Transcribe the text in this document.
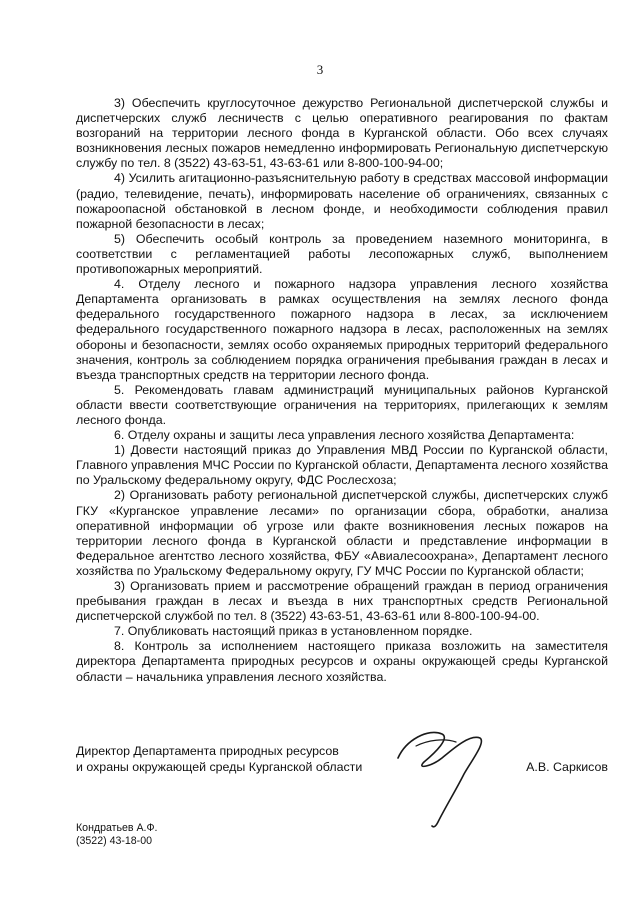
3

3) Обеспечить круглосуточное дежурство Региональной диспетчерской службы и диспетчерских служб лесничеств с целью оперативного реагирования по фактам возгораний на территории лесного фонда в Курганской области. Обо всех случаях возникновения лесных пожаров немедленно информировать Региональную диспетчерскую службу по тел. 8 (3522) 43-63-51, 43-63-61 или 8-800-100-94-00;

4) Усилить агитационно-разъяснительную работу в средствах массовой информации (радио, телевидение, печать), информировать население об ограничениях, связанных с пожароопасной обстановкой в лесном фонде, и необходимости соблюдения правил пожарной безопасности в лесах;

5) Обеспечить особый контроль за проведением наземного мониторинга, в соответствии с регламентацией работы лесопожарных служб, выполнением противопожарных мероприятий.

4. Отделу лесного и пожарного надзора управления лесного хозяйства Департамента организовать в рамках осуществления на землях лесного фонда федерального государственного пожарного надзора в лесах, за исключением федерального государственного пожарного надзора в лесах, расположенных на землях обороны и безопасности, землях особо охраняемых природных территорий федерального значения, контроль за соблюдением порядка ограничения пребывания граждан в лесах и въезда транспортных средств на территории лесного фонда.

5. Рекомендовать главам администраций муниципальных районов Курганской области ввести соответствующие ограничения на территориях, прилегающих к землям лесного фонда.

6. Отделу охраны и защиты леса управления лесного хозяйства Департамента:

1) Довести настоящий приказ до Управления МВД России по Курганской области, Главного управления МЧС России по Курганской области, Департамента лесного хозяйства по Уральскому федеральному округу, ФДС Рослесхоза;

2) Организовать работу региональной диспетчерской службы, диспетчерских служб ГКУ «Курганское управление лесами» по организации сбора, обработки, анализа оперативной информации об угрозе или факте возникновения лесных пожаров на территории лесного фонда в Курганской области и представление информации в Федеральное агентство лесного хозяйства, ФБУ «Авиалесоохрана», Департамент лесного хозяйства по Уральскому Федеральному округу, ГУ МЧС России по Курганской области;

3) Организовать прием и рассмотрение обращений граждан в период ограничения пребывания граждан в лесах и въезда в них транспортных средств Региональной диспетчерской службой по тел. 8 (3522) 43-63-51, 43-63-61 или 8-800-100-94-00.

7. Опубликовать настоящий приказ в установленном порядке.

8. Контроль за исполнением настоящего приказа возложить на заместителя директора Департамента природных ресурсов и охраны окружающей среды Курганской области – начальника управления лесного хозяйства.

Директор Департамента природных ресурсов
и охраны окружающей среды Курганской области	А.В. Саркисов
Кондратьев А.Ф.
(3522) 43-18-00
